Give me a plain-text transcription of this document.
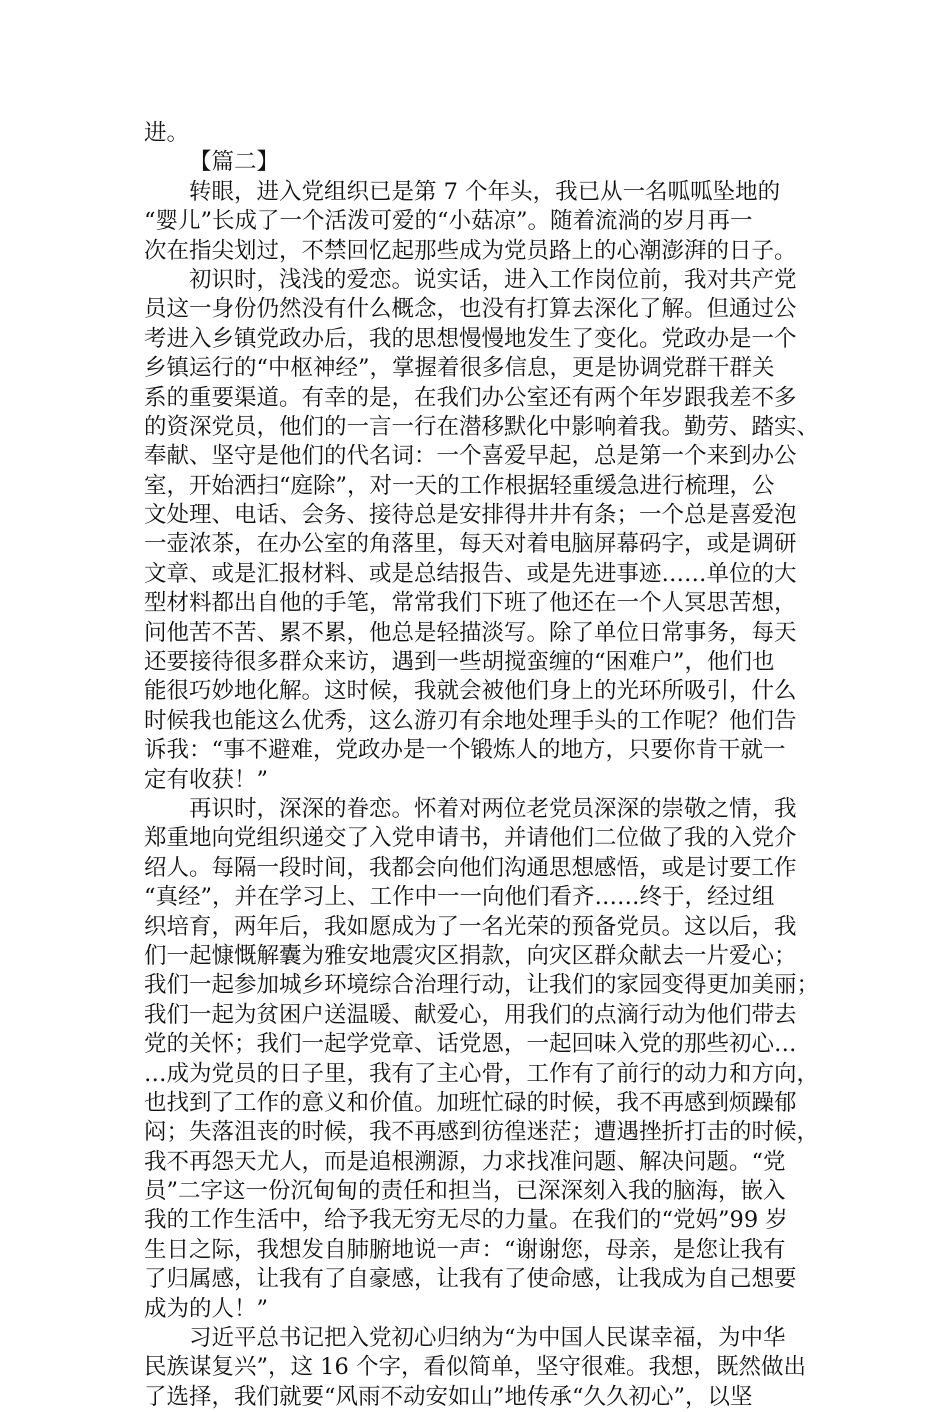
进。
【篇二】
转眼，进入党组织已是第 7 个年头，我已从一名呱呱坠地的
“婴儿”长成了一个活泼可爱的“小菇凉”。随着流淌的岁月再一
次在指尖划过，不禁回忆起那些成为党员路上的心潮澎湃的日子。
初识时，浅浅的爱恋。说实话，进入工作岗位前，我对共产党
员这一身份仍然没有什么概念，也没有打算去深化了解。但通过公
考进入乡镇党政办后，我的思想慢慢地发生了变化。党政办是一个
乡镇运行的“中枢神经”，掌握着很多信息，更是协调党群干群关
系的重要渠道。有幸的是，在我们办公室还有两个年岁跟我差不多
的资深党员，他们的一言一行在潜移默化中影响着我。勤劳、踏实、
奉献、坚守是他们的代名词：一个喜爱早起，总是第一个来到办公
室，开始洒扫“庭除”，对一天的工作根据轻重缓急进行梳理，公
文处理、电话、会务、接待总是安排得井井有条；一个总是喜爱泡
一壶浓茶，在办公室的角落里，每天对着电脑屏幕码字，或是调研
文章、或是汇报材料、或是总结报告、或是先进事迹……单位的大
型材料都出自他的手笔，常常我们下班了他还在一个人冥思苦想，
问他苦不苦、累不累，他总是轻描淡写。除了单位日常事务，每天
还要接待很多群众来访，遇到一些胡搅蛮缠的“困难户”，他们也
能很巧妙地化解。这时候，我就会被他们身上的光环所吸引，什么
时候我也能这么优秀，这么游刃有余地处理手头的工作呢？他们告
诉我：“事不避难，党政办是一个锻炼人的地方，只要你肯干就一
定有收获！”
再识时，深深的眷恋。怀着对两位老党员深深的崇敬之情，我
郑重地向党组织递交了入党申请书，并请他们二位做了我的入党介
绍人。每隔一段时间，我都会向他们沟通思想感悟，或是讨要工作
“真经”，并在学习上、工作中一一向他们看齐……终于，经过组
织培育，两年后，我如愿成为了一名光荣的预备党员。这以后，我
们一起慷慨解囊为雅安地震灾区捐款，向灾区群众献去一片爱心；
我们一起参加城乡环境综合治理行动，让我们的家园变得更加美丽；
我们一起为贫困户送温暖、献爱心，用我们的点滴行动为他们带去
党的关怀；我们一起学党章、话党恩，一起回味入党的那些初心…
…成为党员的日子里，我有了主心骨，工作有了前行的动力和方向，
也找到了工作的意义和价值。加班忙碌的时候，我不再感到烦躁郁
闷；失落沮丧的时候，我不再感到彷徨迷茫；遭遇挫折打击的时候，
我不再怨天尤人，而是追根溯源，力求找准问题、解决问题。“党
员”二字这一份沉甸甸的责任和担当，已深深刻入我的脑海，嵌入
我的工作生活中，给予我无穷无尽的力量。在我们的“党妈”99 岁
生日之际，我想发自肺腑地说一声：“谢谢您，母亲，是您让我有
了归属感，让我有了自豪感，让我有了使命感，让我成为自己想要
成为的人！”
习近平总书记把入党初心归纳为“为中国人民谋幸福，为中华
民族谋复兴”，这 16 个字，看似简单，坚守很难。我想，既然做出
了选择，我们就要“风雨不动安如山”地传承“久久初心”，以坚
